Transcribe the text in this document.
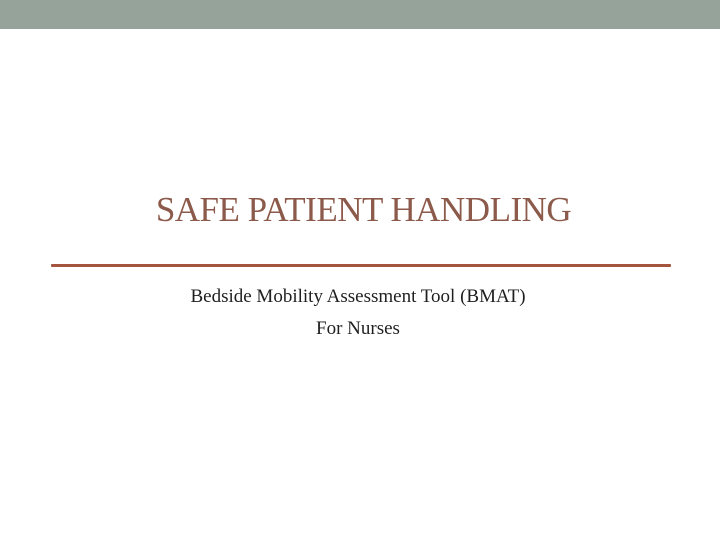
SAFE PATIENT HANDLING
Bedside Mobility Assessment Tool (BMAT)
For Nurses
